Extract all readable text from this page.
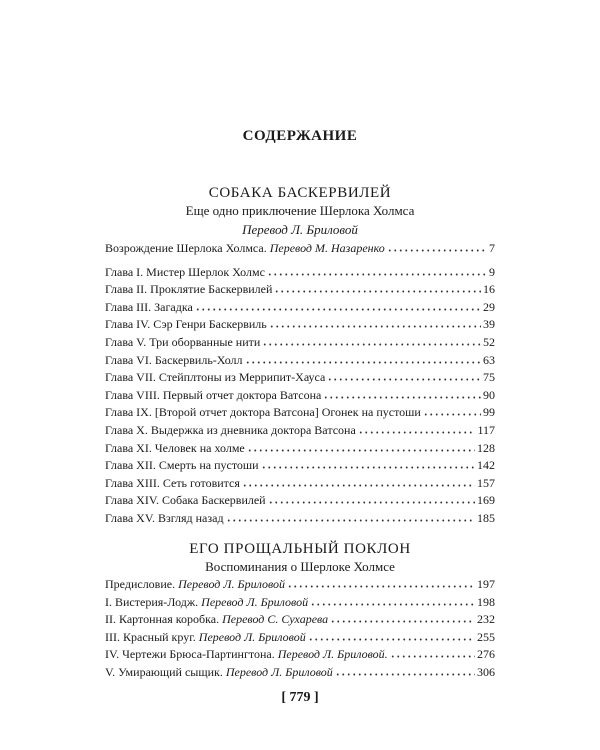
СОДЕРЖАНИЕ
СОБАКА БАСКЕРВИЛЕЙ
Еще одно приключение Шерлока Холмса
Перевод Л. Бриловой
Возрождение Шерлока Холмса. Перевод М. Назаренко	7
Глава I. Мистер Шерлок Холмс	9
Глава II. Проклятие Баскервилей	16
Глава III. Загадка	29
Глава IV. Сэр Генри Баскервиль	39
Глава V. Три оборванные нити	52
Глава VI. Баскервиль-Холл	63
Глава VII. Стейплтоны из Меррипит-Хауса	75
Глава VIII. Первый отчет доктора Ватсона	90
Глава IX. [Второй отчет доктора Ватсона] Огонек на пустоши	99
Глава X. Выдержка из дневника доктора Ватсона	117
Глава XI. Человек на холме	128
Глава XII. Смерть на пустоши	142
Глава XIII. Сеть готовится	157
Глава XIV. Собака Баскервилей	169
Глава XV. Взгляд назад	185
ЕГО ПРОЩАЛЬНЫЙ ПОКЛОН
Воспоминания о Шерлоке Холмсе
Предисловие. Перевод Л. Бриловой	197
I. Вистерия-Лодж. Перевод Л. Бриловой	198
II. Картонная коробка. Перевод С. Сухарева	232
III. Красный круг. Перевод Л. Бриловой	255
IV. Чертежи Брюса-Партингтона. Перевод Л. Бриловой.	276
V. Умирающий сыщик. Перевод Л. Бриловой	306
[ 779 ]
